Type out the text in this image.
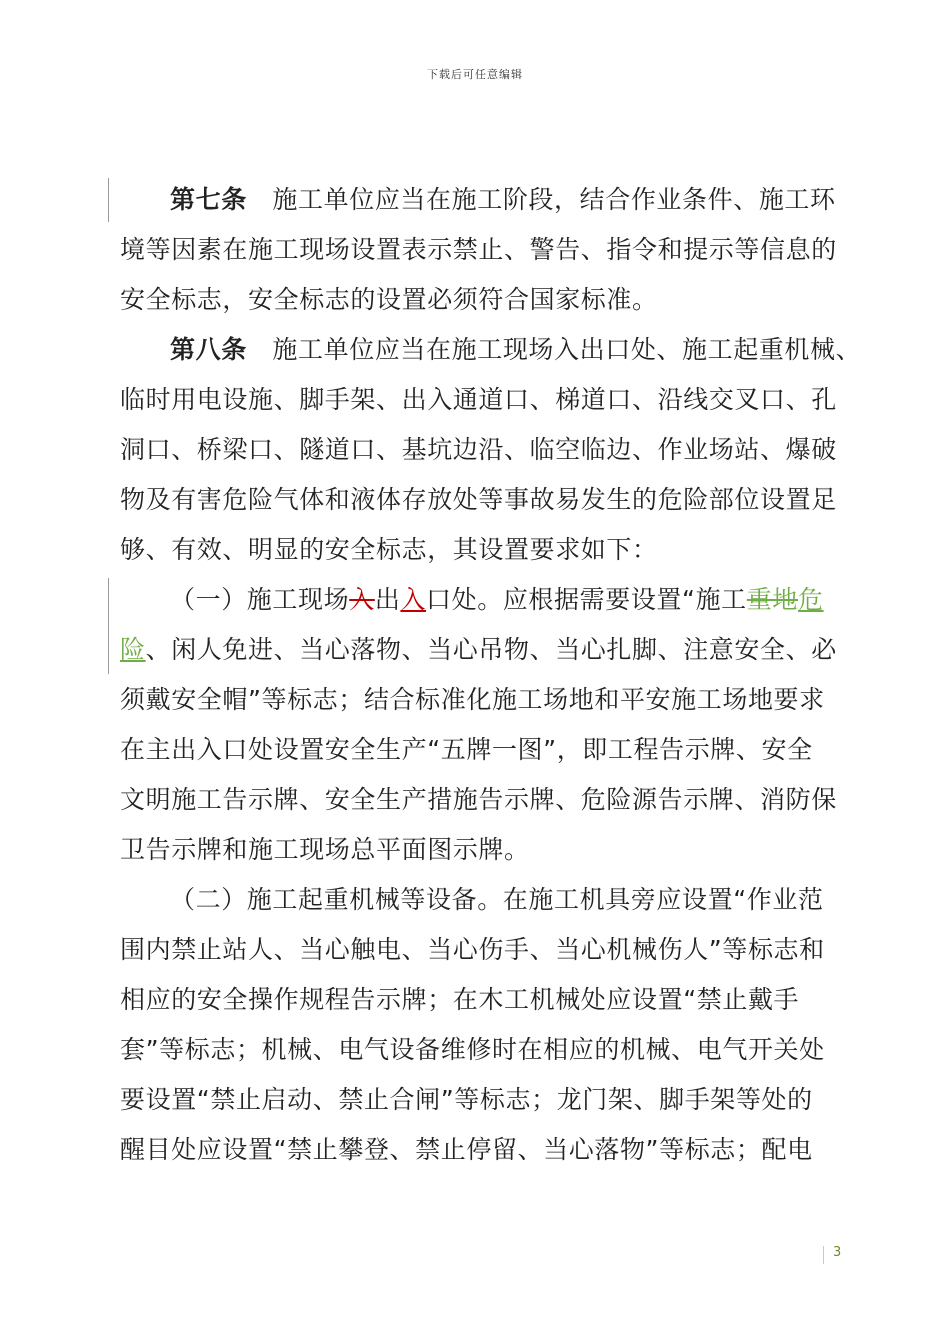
下载后可任意编辑
第七条　施工单位应当在施工阶段，结合作业条件、施工环
境等因素在施工现场设置表示禁止、警告、指令和提示等信息的
安全标志，安全标志的设置必须符合国家标准。
第八条　施工单位应当在施工现场入出口处、施工起重机械、
临时用电设施、脚手架、出入通道口、梯道口、沿线交叉口、孔
洞口、桥梁口、隧道口、基坑边沿、临空临边、作业场站、爆破
物及有害危险气体和液体存放处等事故易发生的危险部位设置足
够、有效、明显的安全标志，其设置要求如下：
（一）施工现场入出入口处。应根据需要设置“施工重地危
险、闲人免进、当心落物、当心吊物、当心扎脚、注意安全、必
须戴安全帽”等标志；结合标准化施工场地和平安施工场地要求
在主出入口处设置安全生产“五牌一图”，即工程告示牌、安全
文明施工告示牌、安全生产措施告示牌、危险源告示牌、消防保
卫告示牌和施工现场总平面图示牌。
（二）施工起重机械等设备。在施工机具旁应设置“作业范
围内禁止站人、当心触电、当心伤手、当心机械伤人”等标志和
相应的安全操作规程告示牌；在木工机械处应设置“禁止戴手
套”等标志；机械、电气设备维修时在相应的机械、电气开关处
要设置“禁止启动、禁止合闸”等标志；龙门架、脚手架等处的
醒目处应设置“禁止攀登、禁止停留、当心落物”等标志；配电
3
